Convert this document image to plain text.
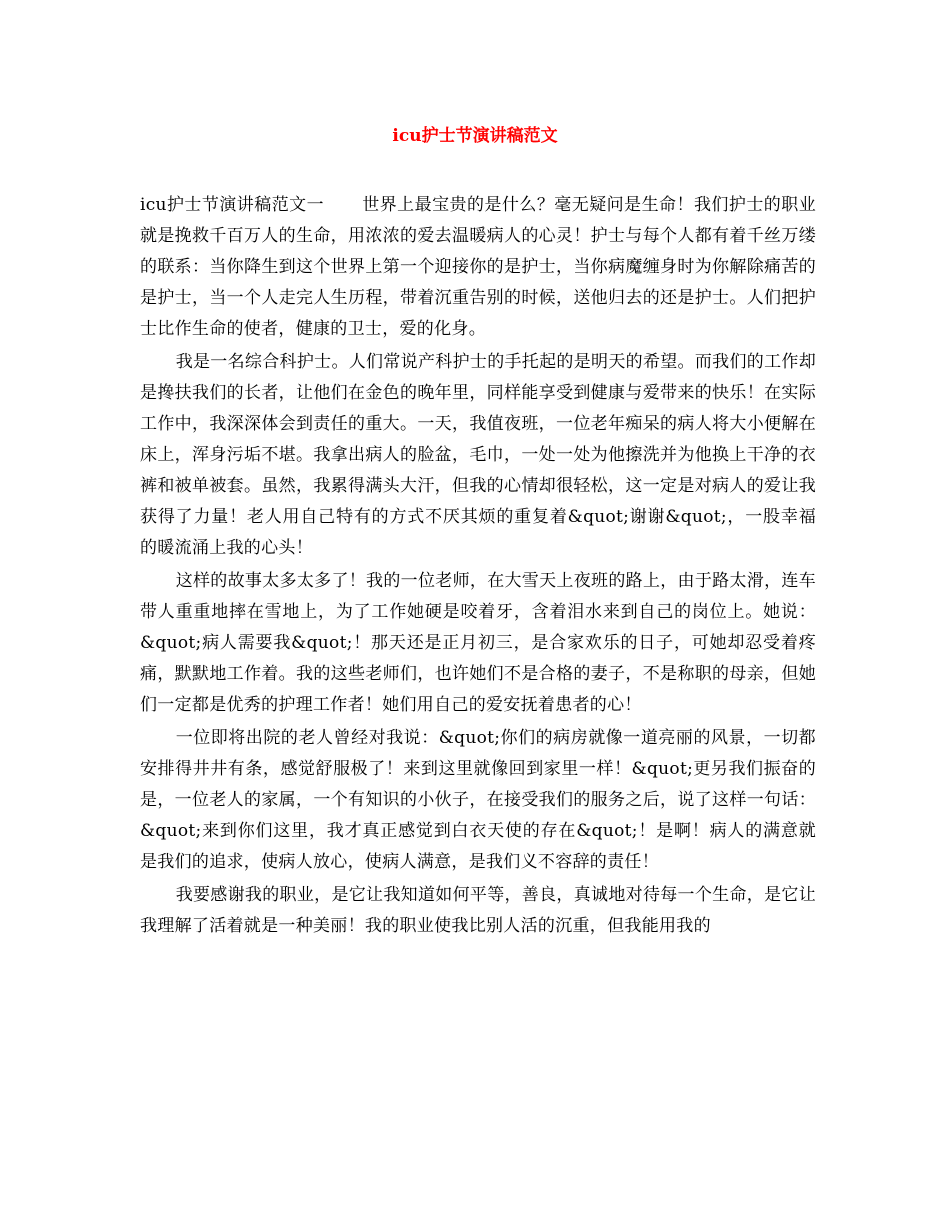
icu护士节演讲稿范文

icu护士节演讲稿范文一 世界上最宝贵的是什么？毫无疑问是生命！我们护士的职业就是挽救千百万人的生命，用浓浓的爱去温暖病人的心灵！护士与每个人都有着千丝万缕的联系：当你降生到这个世界上第一个迎接你的是护士，当你病魔缠身时为你解除痛苦的是护士，当一个人走完人生历程，带着沉重告别的时候，送他归去的还是护士。人们把护士比作生命的使者，健康的卫士，爱的化身。

我是一名综合科护士。人们常说产科护士的手托起的是明天的希望。而我们的工作却是搀扶我们的长者，让他们在金色的晚年里，同样能享受到健康与爱带来的快乐！在实际工作中，我深深体会到责任的重大。一天，我值夜班，一位老年痴呆的病人将大小便解在床上，浑身污垢不堪。我拿出病人的脸盆，毛巾，一处一处为他擦洗并为他换上干净的衣裤和被单被套。虽然，我累得满头大汗，但我的心情却很轻松，这一定是对病人的爱让我获得了力量！老人用自己特有的方式不厌其烦的重复着&quot;谢谢&quot;，一股幸福的暖流涌上我的心头！

这样的故事太多太多了！我的一位老师，在大雪天上夜班的路上，由于路太滑，连车带人重重地摔在雪地上，为了工作她硬是咬着牙，含着泪水来到自己的岗位上。她说：&quot;病人需要我&quot;！那天还是正月初三，是合家欢乐的日子，可她却忍受着疼痛，默默地工作着。我的这些老师们，也许她们不是合格的妻子，不是称职的母亲，但她们一定都是优秀的护理工作者！她们用自己的爱安抚着患者的心！

一位即将出院的老人曾经对我说：&quot;你们的病房就像一道亮丽的风景，一切都安排得井井有条，感觉舒服极了！来到这里就像回到家里一样！&quot;更另我们振奋的是，一位老人的家属，一个有知识的小伙子，在接受我们的服务之后，说了这样一句话：&quot;来到你们这里，我才真正感觉到白衣天使的存在&quot;！是啊！病人的满意就是我们的追求，使病人放心，使病人满意，是我们义不容辞的责任！

我要感谢我的职业，是它让我知道如何平等，善良，真诚地对待每一个生命，是它让我理解了活着就是一种美丽！我的职业使我比别人活的沉重，但我能用我的
